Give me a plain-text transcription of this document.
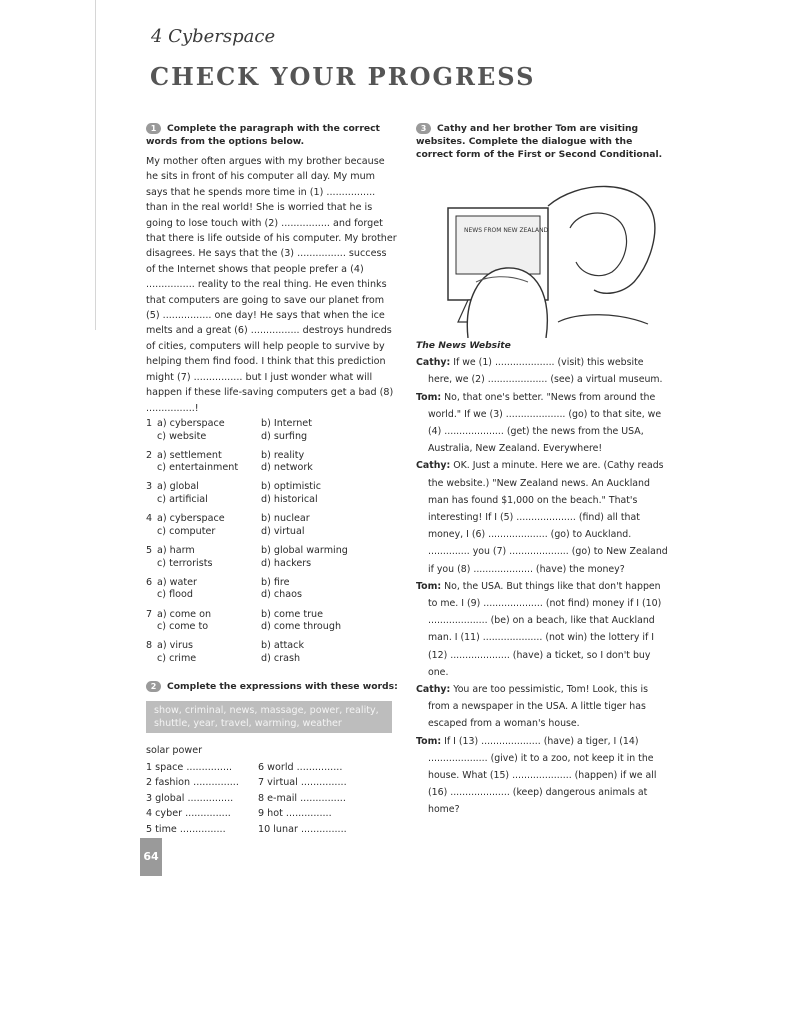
4 Cyberspace
CHECK YOUR PROGRESS
1 Complete the paragraph with the correct words from the options below.

My mother often argues with my brother because he sits in front of his computer all day. My mum says that he spends more time in (1) ................ than in the real world! She is worried that he is going to lose touch with (2) ................ and forget that there is life outside of his computer. My brother disagrees. He says that the (3) ................ success of the Internet shows that people prefer a (4) ................ reality to the real thing. He even thinks that computers are going to save our planet from (5) ................ one day! He says that when the ice melts and a great (6) ................ destroys hundreds of cities, computers will help people to survive by helping them find food. I think that this prediction might (7) ................ but I just wonder what will happen if these life-saving computers get a bad (8) ................!

1 a) cyberspace	b) Internet
c) website	d) surfing
2 a) settlement	b) reality
c) entertainment	d) network
3 a) global	b) optimistic
c) artificial	d) historical
4 a) cyberspace	b) nuclear
c) computer	d) virtual
5 a) harm	b) global warming
c) terrorists	d) hackers
6 a) water	b) fire
c) flood	d) chaos
7 a) come on	b) come true
c) come to	d) come through
8 a) virus	b) attack
c) crime	d) crash
2 Complete the expressions with these words:
show, criminal, news, massage, power, reality, shuttle, year, travel, warming, weather
solar power
1 space ...............	6 world ...............
2 fashion ...............	7 virtual ...............
3 global ...............	8 e-mail ...............
4 cyber ...............	9 hot ...............
5 time ...............	10 lunar ...............
64
3 Cathy and her brother Tom are visiting websites. Complete the dialogue with the correct form of the First or Second Conditional.
The News Website
Cathy: If we (1) .................... (visit) this website here, we (2) .................... (see) a virtual museum.
Tom: No, that one's better. "News from around the world." If we (3) .................... (go) to that site, we (4) .................... (get) the news from the USA, Australia, New Zealand. Everywhere!
Cathy: OK. Just a minute. Here we are. (Cathy reads the website.) "New Zealand news. An Auckland man has found $1,000 on the beach." That's interesting! If I (5) .................... (find) all that money, I (6) .................... (go) to Auckland. .............. you (7) .................... (go) to New Zealand if you (8) .................... (have) the money?
Tom: No, the USA. But things like that don't happen to me. I (9) .................... (not find) money if I (10) .................... (be) on a beach, like that Auckland man. I (11) .................... (not win) the lottery if I (12) .................... (have) a ticket, so I don't buy one.
Cathy: You are too pessimistic, Tom! Look, this is from a newspaper in the USA. A little tiger has escaped from a woman's house.
Tom: If I (13) .................... (have) a tiger, I (14) .................... (give) it to a zoo, not keep it in the house. What (15) .................... (happen) if we all (16) .................... (keep) dangerous animals at home?
NEWS FROM NEW ZEALAND
